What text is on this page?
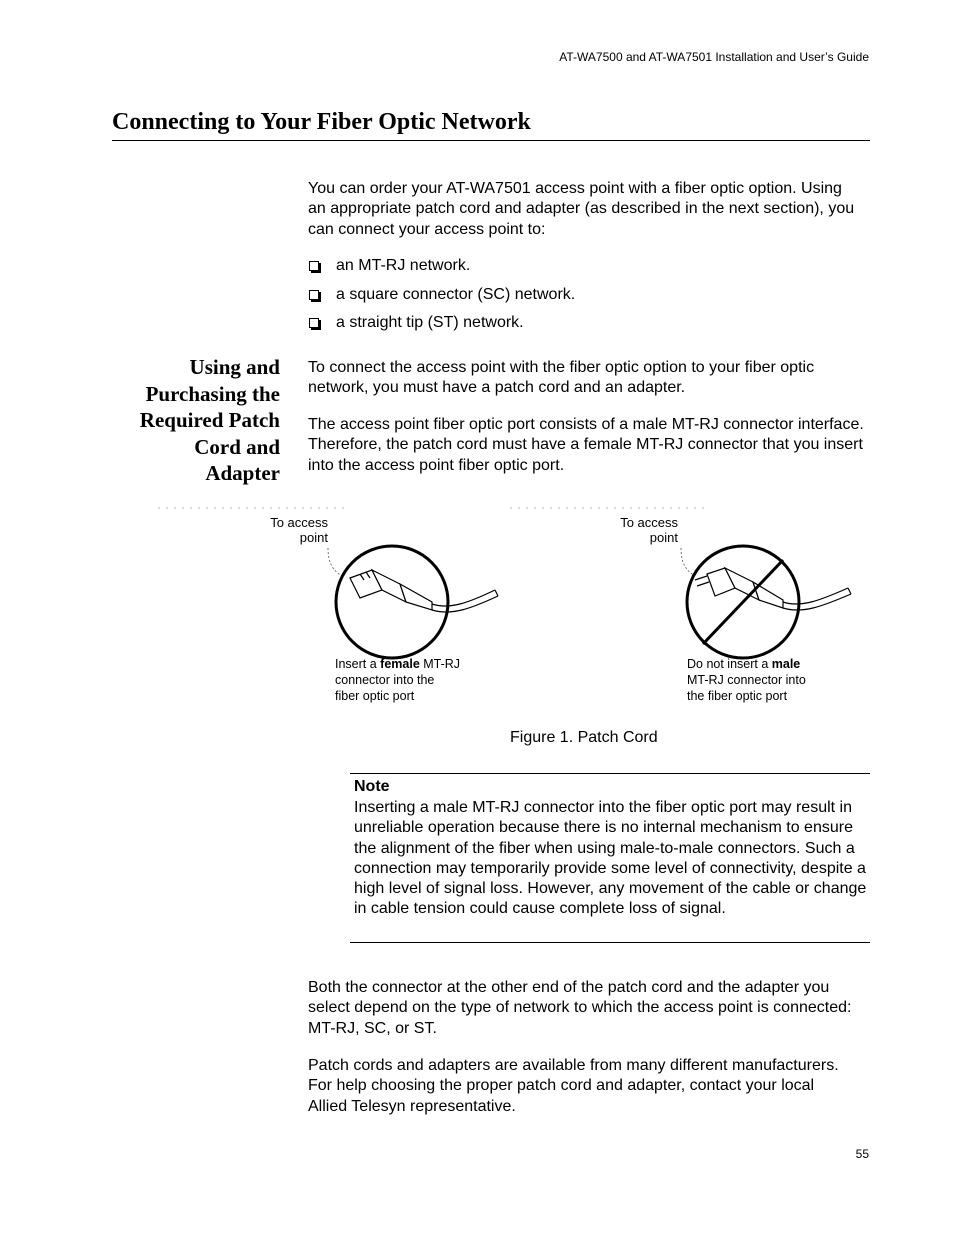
AT-WA7500 and AT-WA7501 Installation and User’s Guide
Connecting to Your Fiber Optic Network
You can order your AT-WA7501 access point with a fiber optic option. Using an appropriate patch cord and adapter (as described in the next section), you can connect your access point to:
an MT-RJ network.
a square connector (SC) network.
a straight tip (ST) network.
Using and
Purchasing the
Required Patch
Cord and
Adapter
To connect the access point with the fiber optic option to your fiber optic network, you must have a patch cord and an adapter.
The access point fiber optic port consists of a male MT-RJ connector interface. Therefore, the patch cord must have a female MT-RJ connector that you insert into the access point fiber optic port.
To access
point
Insert a female MT-RJ
connector into the
fiber optic port
To access
point
Do not insert a male
MT-RJ connector into
the fiber optic port
Figure 1. Patch Cord
Note
Inserting a male MT-RJ connector into the fiber optic port may result in unreliable operation because there is no internal mechanism to ensure the alignment of the fiber when using male-to-male connectors. Such a connection may temporarily provide some level of connectivity, despite a high level of signal loss. However, any movement of the cable or change in cable tension could cause complete loss of signal.
Both the connector at the other end of the patch cord and the adapter you select depend on the type of network to which the access point is connected: MT-RJ, SC, or ST.
Patch cords and adapters are available from many different manufacturers. For help choosing the proper patch cord and adapter, contact your local Allied Telesyn representative.
55
